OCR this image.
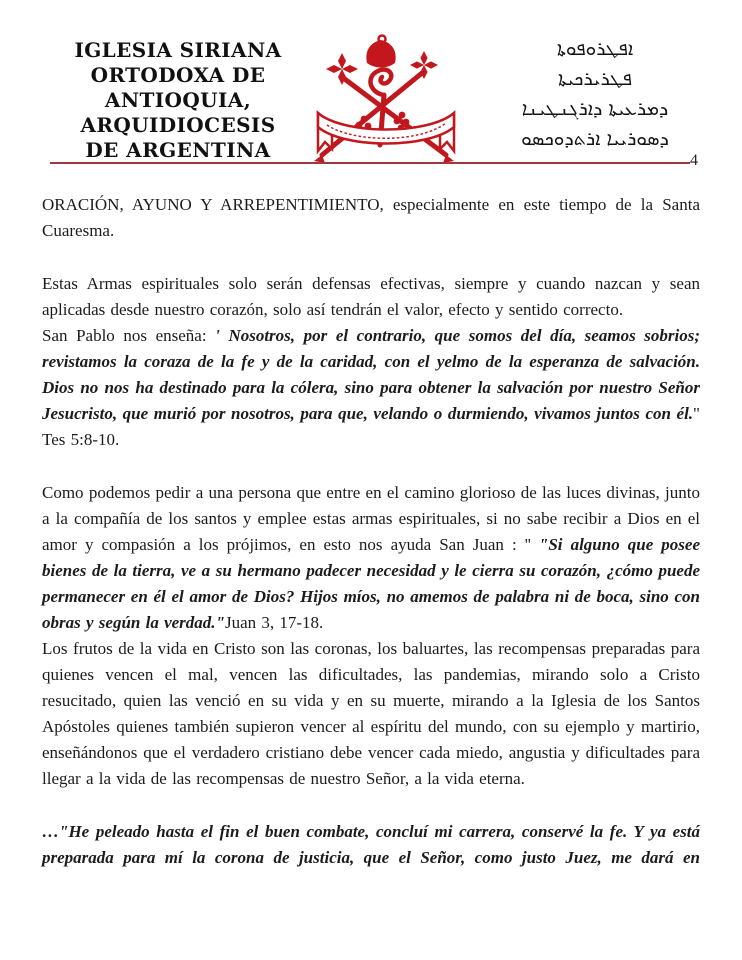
IGLESIA SIRIANA
ORTODOXA DE
ANTIOQUIA,
ARQUIDIOCESIS
DE ARGENTINA
ܐܦܛܪܘܦܘܬܐ
ܦܛܪܝܪܟܝܬܐ
ܕܡܪܥܝܬܐ ܕܐܪܓܢܛܝܢܐ
ܕܣܘܪܝܝܐ ܐܪܬܕܘܟܣܘ
4

ORACIÓN, AYUNO Y ARREPENTIMIENTO, especialmente en este tiempo de la Santa Cuaresma.

Estas Armas espirituales solo serán defensas efectivas, siempre y cuando nazcan y sean aplicadas desde nuestro corazón, solo así tendrán el valor, efecto y sentido correcto.

San Pablo nos enseña: ' Nosotros, por el contrario, que somos del día, seamos sobrios; revistamos la coraza de la fe y de la caridad, con el yelmo de la esperanza de salvación. Dios no nos ha destinado para la cólera, sino para obtener la salvación por nuestro Señor Jesucristo, que murió por nosotros, para que, velando o durmiendo, vivamos juntos con él." Tes 5:8-10.

Como podemos pedir a una persona que entre en el camino glorioso de las luces divinas, junto a la compañía de los santos y emplee estas armas espirituales, si no sabe recibir a Dios en el amor y compasión a los prójimos, en esto nos ayuda San Juan : '' "Si alguno que posee bienes de la tierra, ve a su hermano padecer necesidad y le cierra su corazón, ¿cómo puede permanecer en él el amor de Dios? Hijos míos, no amemos de palabra ni de boca, sino con obras y según la verdad."Juan 3, 17-18.

Los frutos de la vida en Cristo son las coronas, los baluartes, las recompensas preparadas para quienes vencen el mal, vencen las dificultades, las pandemias, mirando solo a Cristo resucitado, quien las venció en su vida y en su muerte, mirando a la Iglesia de los Santos Apóstoles quienes también supieron vencer al espíritu del mundo, con su ejemplo y martirio, enseñándonos que el verdadero cristiano debe vencer cada miedo, angustia y dificultades para llegar a la vida de las recompensas de nuestro Señor, a la vida eterna.

…"He peleado hasta el fin el buen combate, concluí mi carrera, conservé la fe. Y ya está preparada para mí la corona de justicia, que el Señor, como justo Juez, me dará en
